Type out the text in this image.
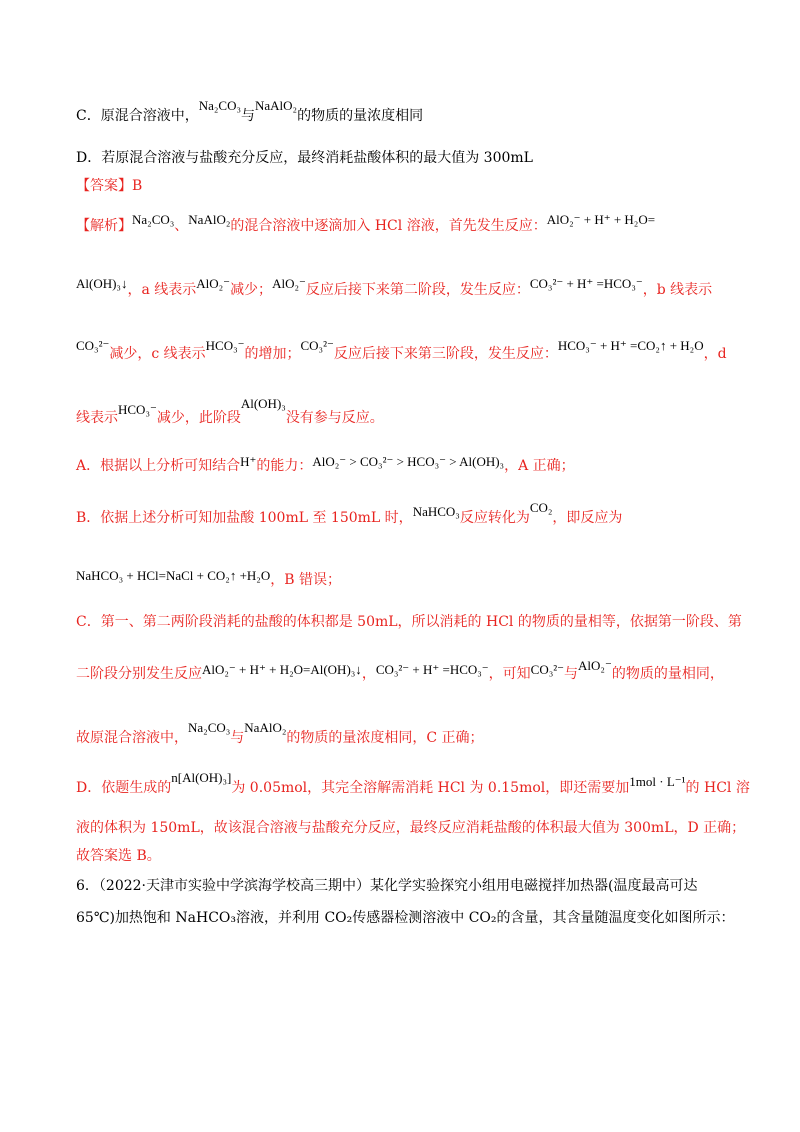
C．原混合溶液中，Na₂CO₃与NaAlO₂的物质的量浓度相同
D．若原混合溶液与盐酸充分反应，最终消耗盐酸体积的最大值为 300mL
【答案】B
【解析】Na₂CO₃、NaAlO₂的混合溶液中逐滴加入 HCl 溶液，首先发生反应：AlO₂⁻ + H⁺ + H₂O=
Al(OH)₃↓，a 线表示AlO₂⁻减少；AlO₂⁻反应后接下来第二阶段，发生反应：CO₃²⁻ + H⁺ =HCO₃⁻，b 线表示
CO₃²⁻减少，c 线表示HCO₃⁻的增加；CO₃²⁻反应后接下来第三阶段，发生反应：HCO₃⁻ + H⁺ =CO₂↑ + H₂O，d
线表示HCO₃⁻减少，此阶段Al(OH)₃没有参与反应。
A．根据以上分析可知结合H⁺的能力：AlO₂⁻ > CO₃²⁻ > HCO₃⁻ > Al(OH)₃，A 正确；
B．依据上述分析可知加盐酸 100mL 至 150mL 时，NaHCO₃反应转化为CO₂，即反应为
NaHCO₃ + HCl=NaCl + CO₂↑ +H₂O，B 错误；
C．第一、第二两阶段消耗的盐酸的体积都是 50mL，所以消耗的 HCl 的物质的量相等，依据第一阶段、第
二阶段分别发生反应AlO₂⁻ + H⁺ + H₂O=Al(OH)₃↓，CO₃²⁻ + H⁺ =HCO₃⁻，可知CO₃²⁻与AlO₂⁻的物质的量相同，
故原混合溶液中，Na₂CO₃与NaAlO₂的物质的量浓度相同，C 正确；
D．依题生成的n[Al(OH)₃]为 0.05mol，其完全溶解需消耗 HCl 为 0.15mol，即还需要加1mol · L⁻¹的 HCl 溶
液的体积为 150mL，故该混合溶液与盐酸充分反应，最终反应消耗盐酸的体积最大值为 300mL，D 正确；
故答案选 B。
6．（2022·天津市实验中学滨海学校高三期中）某化学实验探究小组用电磁搅拌加热器(温度最高可达
65℃)加热饱和 NaHCO₃溶液，并利用 CO₂传感器检测溶液中 CO₂的含量，其含量随温度变化如图所示：
